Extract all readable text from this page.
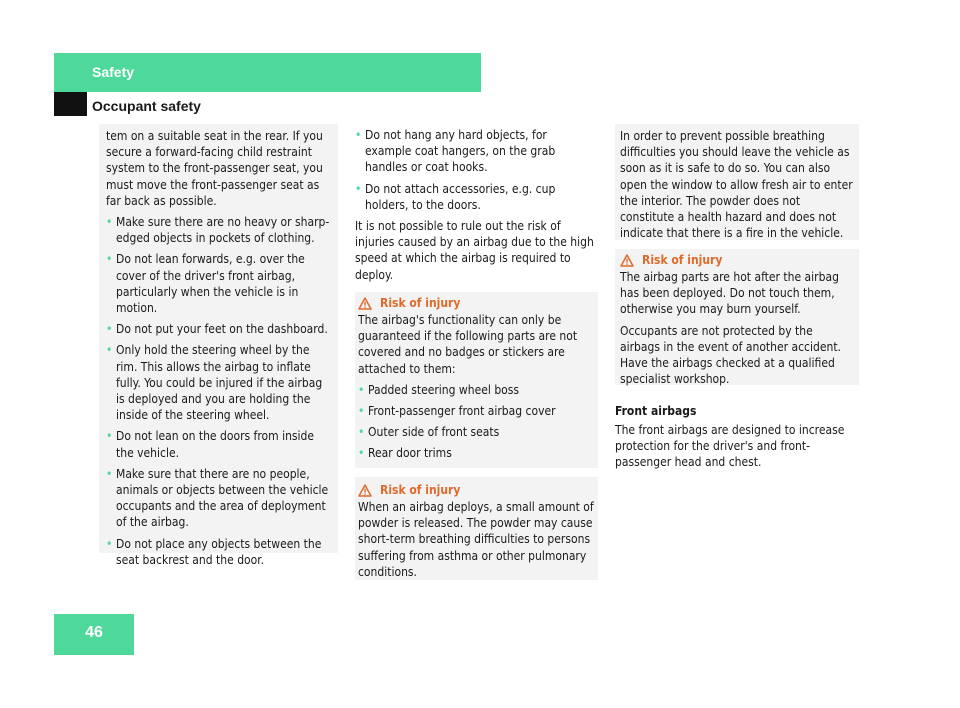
Safety
Occupant safety

tem on a suitable seat in the rear. If you secure a forward-facing child restraint system to the front-passenger seat, you must move the front-passenger seat as far back as possible.

• Make sure there are no heavy or sharp-edged objects in pockets of clothing.
• Do not lean forwards, e.g. over the cover of the driver's front airbag, particularly when the vehicle is in motion.
• Do not put your feet on the dashboard.
• Only hold the steering wheel by the rim. This allows the airbag to inflate fully. You could be injured if the airbag is deployed and you are holding the inside of the steering wheel.
• Do not lean on the doors from inside the vehicle.
• Make sure that there are no people, animals or objects between the vehicle occupants and the area of deployment of the airbag.
• Do not place any objects between the seat backrest and the door.
• Do not hang any hard objects, for example coat hangers, on the grab handles or coat hooks.
• Do not attach accessories, e.g. cup holders, to the doors.

It is not possible to rule out the risk of injuries caused by an airbag due to the high speed at which the airbag is required to deploy.

Risk of injury

The airbag's functionality can only be guaranteed if the following parts are not covered and no badges or stickers are attached to them:

• Padded steering wheel boss
• Front-passenger front airbag cover
• Outer side of front seats
• Rear door trims
Risk of injury

When an airbag deploys, a small amount of powder is released. The powder may cause short-term breathing difficulties to persons suffering from asthma or other pulmonary conditions.

In order to prevent possible breathing difficulties you should leave the vehicle as soon as it is safe to do so. You can also open the window to allow fresh air to enter the interior. The powder does not constitute a health hazard and does not indicate that there is a fire in the vehicle.

Risk of injury

The airbag parts are hot after the airbag has been deployed. Do not touch them, otherwise you may burn yourself.

Occupants are not protected by the airbags in the event of another accident. Have the airbags checked at a qualified specialist workshop.

Front airbags

The front airbags are designed to increase protection for the driver's and front-passenger head and chest.

46
